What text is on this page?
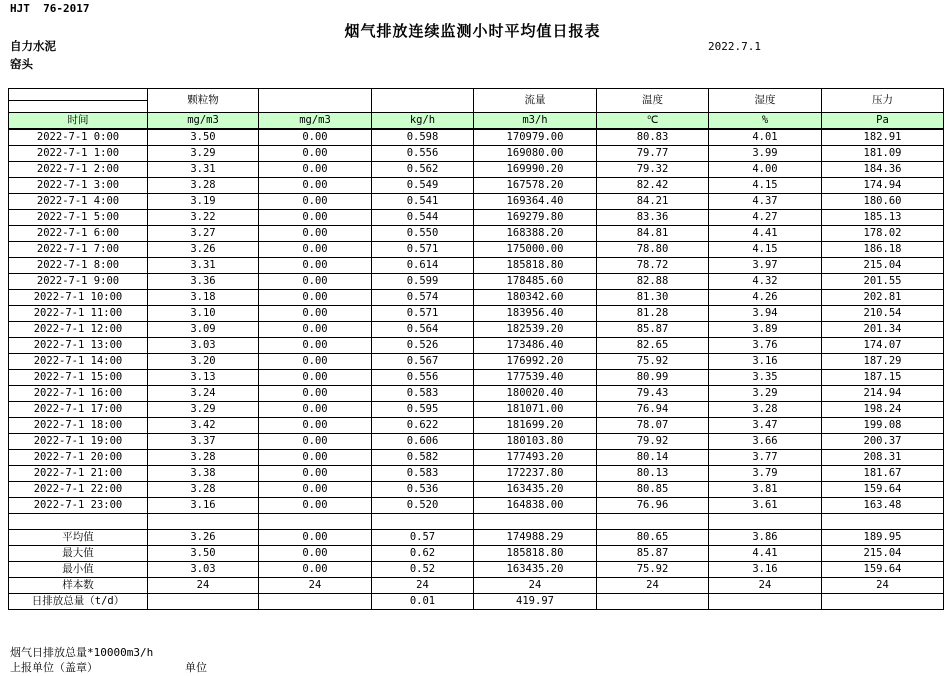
HJT  76-2017
烟气排放连续监测小时平均值日报表
2022.7.1
自力水泥
窑头
	颗粒物			流量	温度	湿度	压力

时间	mg/m3	mg/m3	kg/h	m3/h	℃	%	Pa
2022-7-1 0:00	3.50	0.00	0.598	170979.00	80.83	4.01	182.91
2022-7-1 1:00	3.29	0.00	0.556	169080.00	79.77	3.99	181.09
2022-7-1 2:00	3.31	0.00	0.562	169990.20	79.32	4.00	184.36
2022-7-1 3:00	3.28	0.00	0.549	167578.20	82.42	4.15	174.94
2022-7-1 4:00	3.19	0.00	0.541	169364.40	84.21	4.37	180.60
2022-7-1 5:00	3.22	0.00	0.544	169279.80	83.36	4.27	185.13
2022-7-1 6:00	3.27	0.00	0.550	168388.20	84.81	4.41	178.02
2022-7-1 7:00	3.26	0.00	0.571	175000.00	78.80	4.15	186.18
2022-7-1 8:00	3.31	0.00	0.614	185818.80	78.72	3.97	215.04
2022-7-1 9:00	3.36	0.00	0.599	178485.60	82.88	4.32	201.55
2022-7-1 10:00	3.18	0.00	0.574	180342.60	81.30	4.26	202.81
2022-7-1 11:00	3.10	0.00	0.571	183956.40	81.28	3.94	210.54
2022-7-1 12:00	3.09	0.00	0.564	182539.20	85.87	3.89	201.34
2022-7-1 13:00	3.03	0.00	0.526	173486.40	82.65	3.76	174.07
2022-7-1 14:00	3.20	0.00	0.567	176992.20	75.92	3.16	187.29
2022-7-1 15:00	3.13	0.00	0.556	177539.40	80.99	3.35	187.15
2022-7-1 16:00	3.24	0.00	0.583	180020.40	79.43	3.29	214.94
2022-7-1 17:00	3.29	0.00	0.595	181071.00	76.94	3.28	198.24
2022-7-1 18:00	3.42	0.00	0.622	181699.20	78.07	3.47	199.08
2022-7-1 19:00	3.37	0.00	0.606	180103.80	79.92	3.66	200.37
2022-7-1 20:00	3.28	0.00	0.582	177493.20	80.14	3.77	208.31
2022-7-1 21:00	3.38	0.00	0.583	172237.80	80.13	3.79	181.67
2022-7-1 22:00	3.28	0.00	0.536	163435.20	80.85	3.81	159.64
2022-7-1 23:00	3.16	0.00	0.520	164838.00	76.96	3.61	163.48

平均值	3.26	0.00	0.57	174988.29	80.65	3.86	189.95
最大值	3.50	0.00	0.62	185818.80	85.87	4.41	215.04
最小值	3.03	0.00	0.52	163435.20	75.92	3.16	159.64
样本数	24	24	24	24	24	24	24
日排放总量（t/d）			0.01	419.97			
烟气日排放总量*10000m3/h
上报单位（盖章）	单位
